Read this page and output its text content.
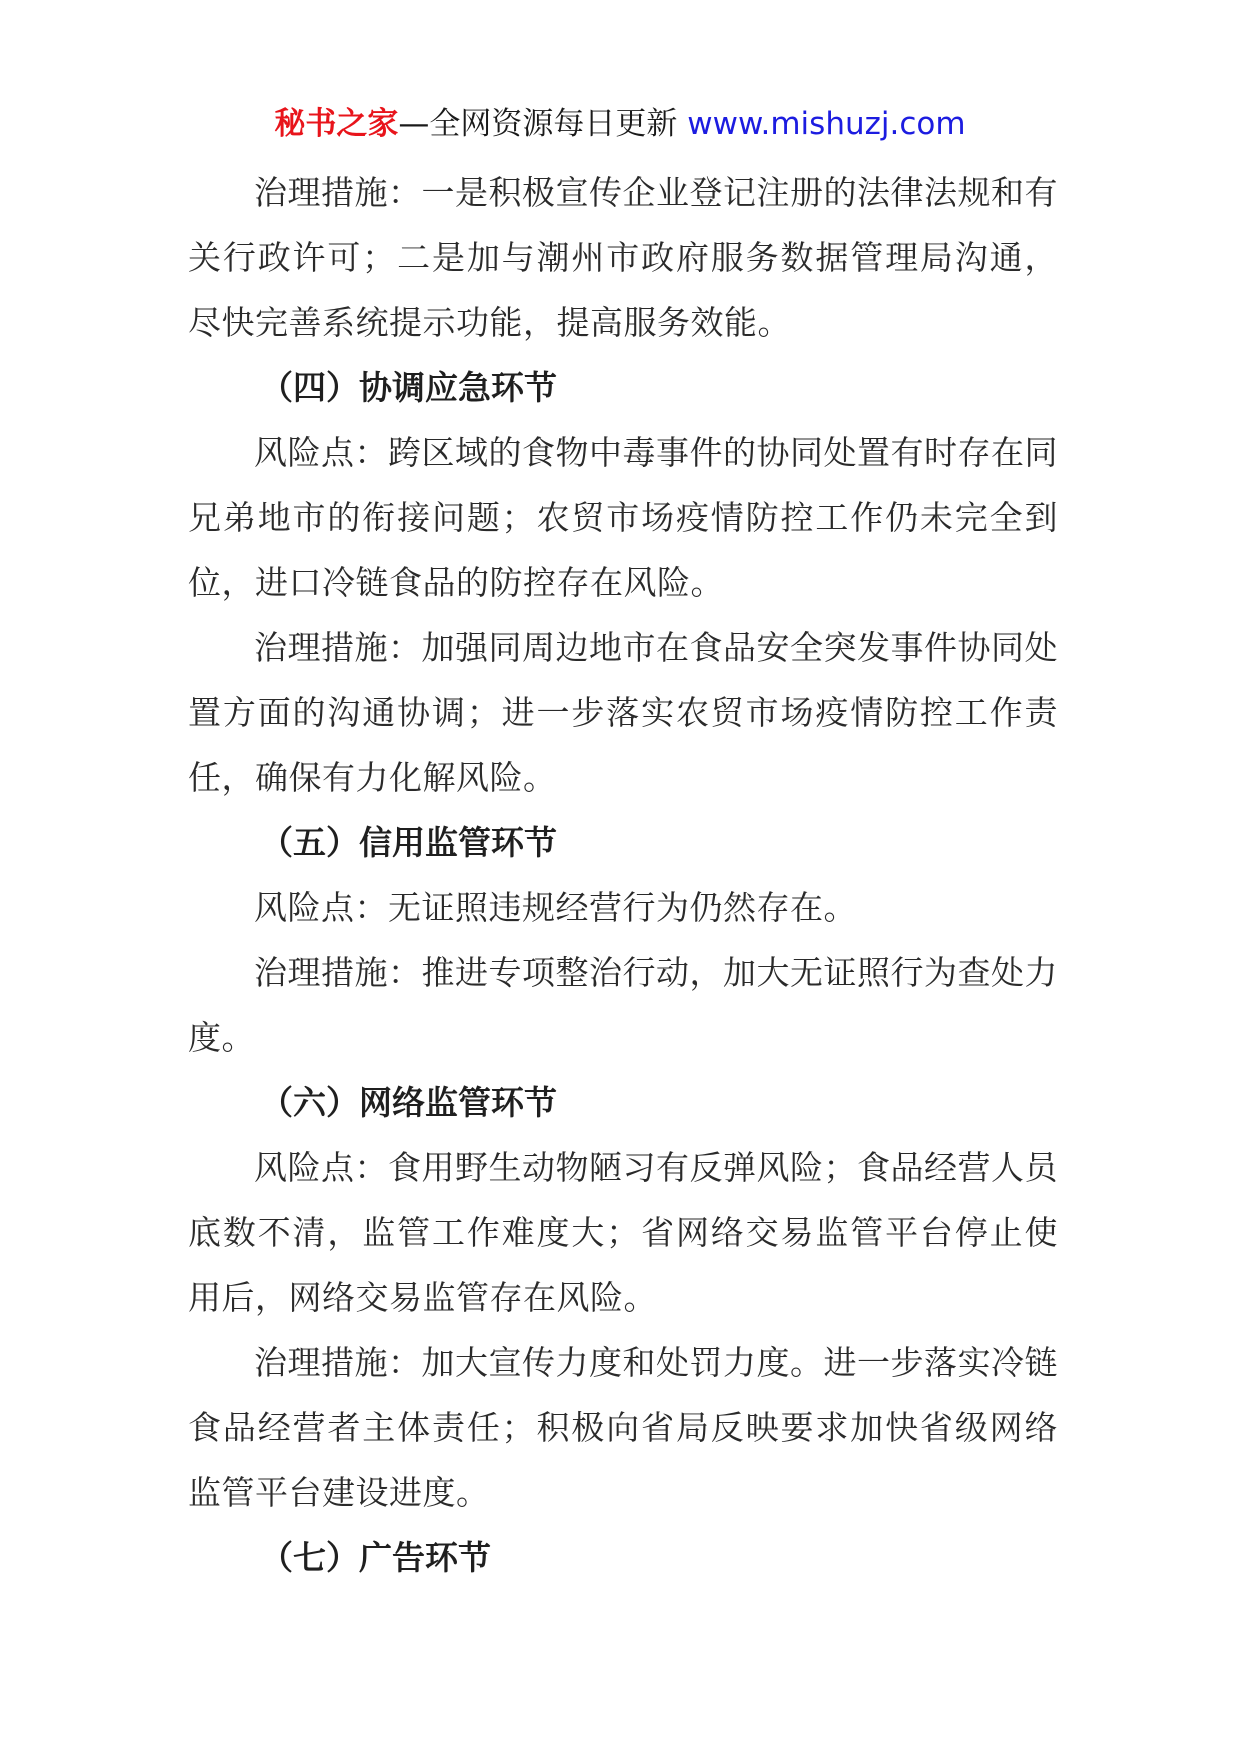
秘书之家—全网资源每日更新 www.mishuzj.com

治理措施：一是积极宣传企业登记注册的法律法规和有关行政许可；二是加与潮州市政府服务数据管理局沟通，尽快完善系统提示功能，提高服务效能。

（四）协调应急环节

风险点：跨区域的食物中毒事件的协同处置有时存在同兄弟地市的衔接问题；农贸市场疫情防控工作仍未完全到位，进口冷链食品的防控存在风险。

治理措施：加强同周边地市在食品安全突发事件协同处置方面的沟通协调；进一步落实农贸市场疫情防控工作责任，确保有力化解风险。

（五）信用监管环节

风险点：无证照违规经营行为仍然存在。

治理措施：推进专项整治行动，加大无证照行为查处力度。

（六）网络监管环节

风险点：食用野生动物陋习有反弹风险；食品经营人员底数不清，监管工作难度大；省网络交易监管平台停止使用后，网络交易监管存在风险。

治理措施：加大宣传力度和处罚力度。进一步落实冷链食品经营者主体责任；积极向省局反映要求加快省级网络监管平台建设进度。

（七）广告环节
